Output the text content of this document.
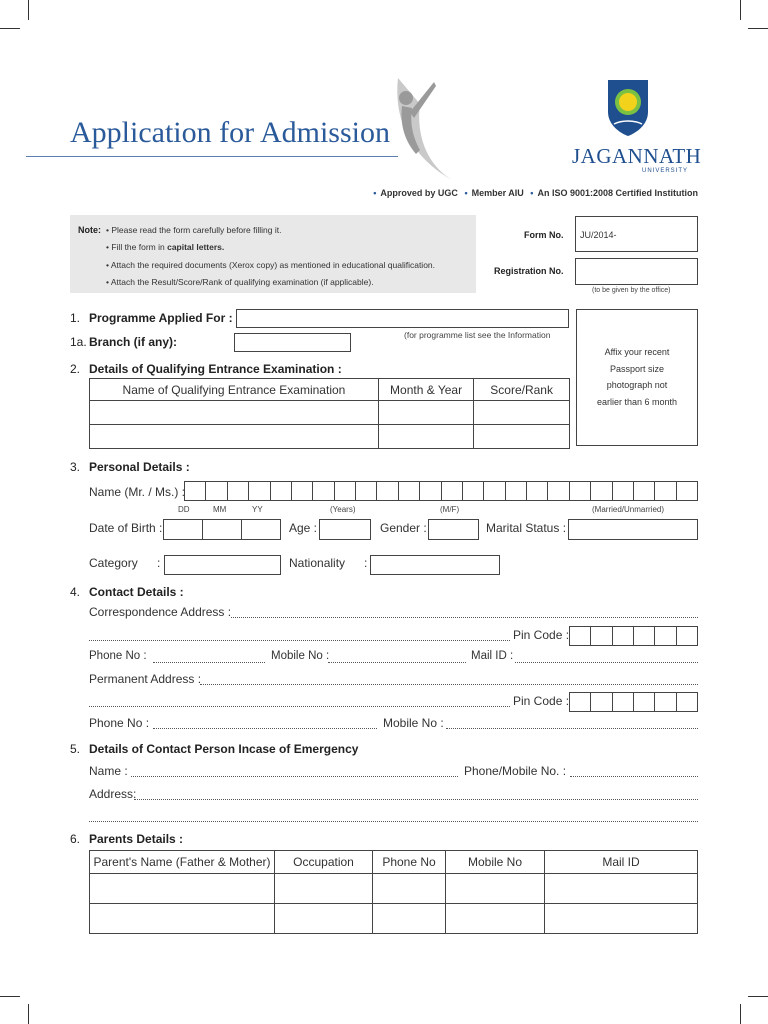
Application for Admission
JAGANNATH
UNIVERSITY
• Approved by UGC • Member AIU • An ISO 9001:2008 Certified Institution
Note: • Please read the form carefully before filling it.
• Fill the form in capital letters.
• Attach the required documents (Xerox copy) as mentioned in educational qualification.
• Attach the Result/Score/Rank of qualifying examination (if applicable).
Form No. JU/2014-
Registration No.
(to be given by the office)
Affix your recent
Passport size
photograph not
earlier than 6 month
1. Programme Applied For :
(for programme list see the Information
1a. Branch (if any):
2. Details of Qualifying Entrance Examination :
Name of Qualifying Entrance Examination	Month & Year	Score/Rank

3. Personal Details :
Name (Mr. / Ms.) :
DD	MM	YY	(Years)	(M/F)	(Married/Unmarried)
Date of Birth :	Age :	Gender :	Marital Status :
Category :	Nationality :
4. Contact Details :
Correspondence Address :
Pin Code :
Phone No :	Mobile No :	Mail ID :
Permanent Address :
Pin Code :
Phone No :	Mobile No :
5. Details of Contact Person Incase of Emergency
Name :	Phone/Mobile No. :
Address:
6. Parents Details :
Parent's Name (Father & Mother)	Occupation	Phone No	Mobile No	Mail ID
